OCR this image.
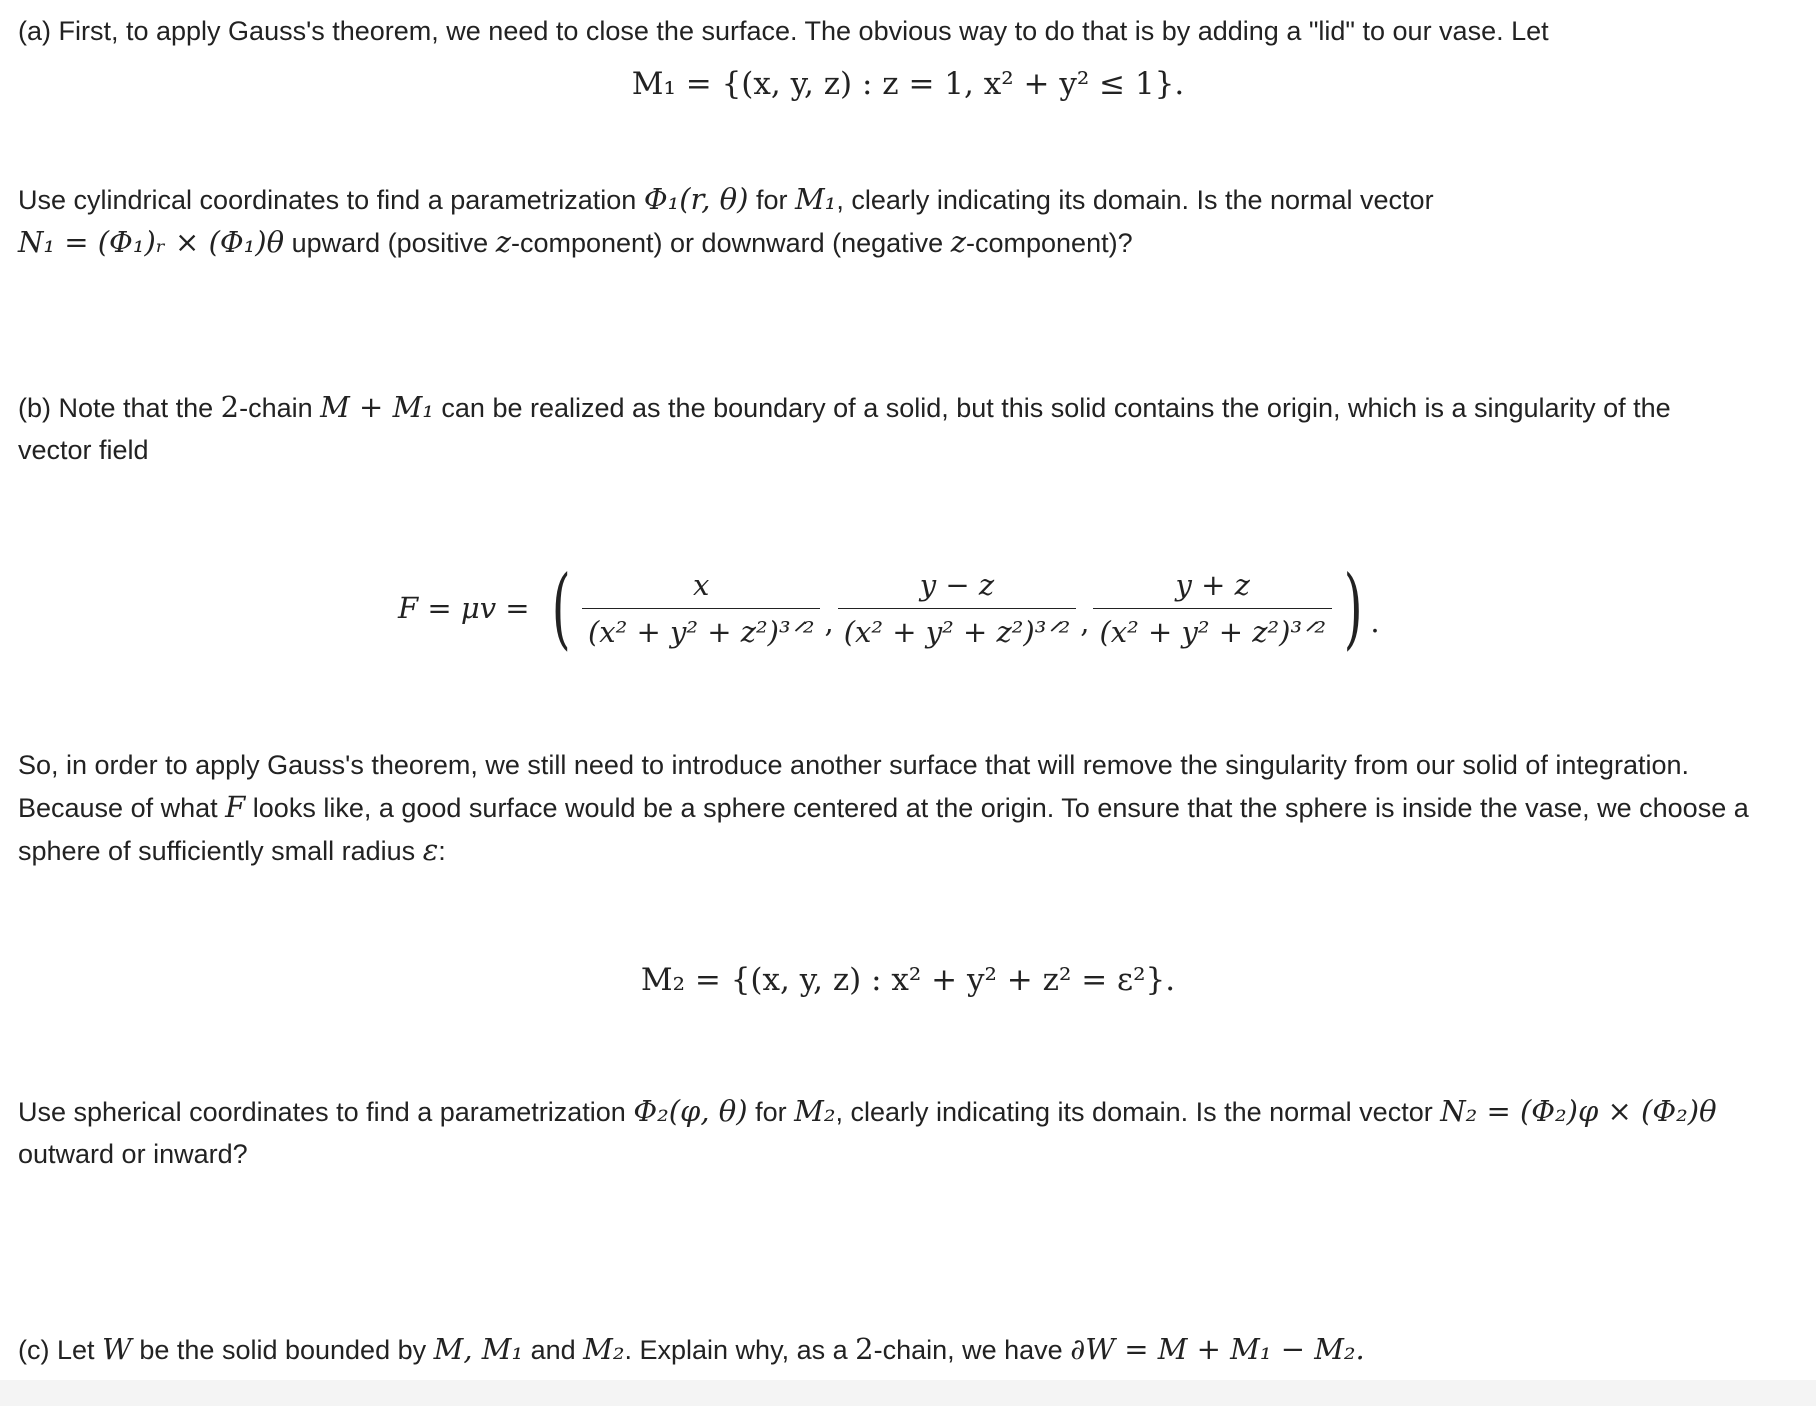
(a) First, to apply Gauss's theorem, we need to close the surface. The obvious way to do that is by adding a "lid" to our vase. Let

M₁ = {(x, y, z) : z = 1, x² + y² ≤ 1}.

Use cylindrical coordinates to find a parametrization Φ₁(r, θ) for M₁, clearly indicating its domain. Is the normal vector
N₁ = (Φ₁)ᵣ × (Φ₁)θ upward (positive z-component) or downward (negative z-component)?

(b) Note that the 2-chain M + M₁ can be realized as the boundary of a solid, but this solid contains the origin, which is a singularity of the
vector field

F = μv = ( $\frac{x}{\text{(x² + y² + z²)³ᐟ²}}$ , $\frac{y - z}{\text{(x² + y² + z²)³ᐟ²}}$ , $\frac{y + z}{\text{(x² + y² + z²)³ᐟ²}}$ ) .

So, in order to apply Gauss's theorem, we still need to introduce another surface that will remove the singularity from our solid of integration.
Because of what F looks like, a good surface would be a sphere centered at the origin. To ensure that the sphere is inside the vase, we choose a
sphere of sufficiently small radius ε:

M₂ = {(x, y, z) : x² + y² + z² = ε²}.

Use spherical coordinates to find a parametrization Φ₂(φ, θ) for M₂, clearly indicating its domain. Is the normal vector N₂ = (Φ₂)φ × (Φ₂)θ
outward or inward?

(c) Let W be the solid bounded by M, M₁ and M₂. Explain why, as a 2-chain, we have ∂W = M + M₁ − M₂.
